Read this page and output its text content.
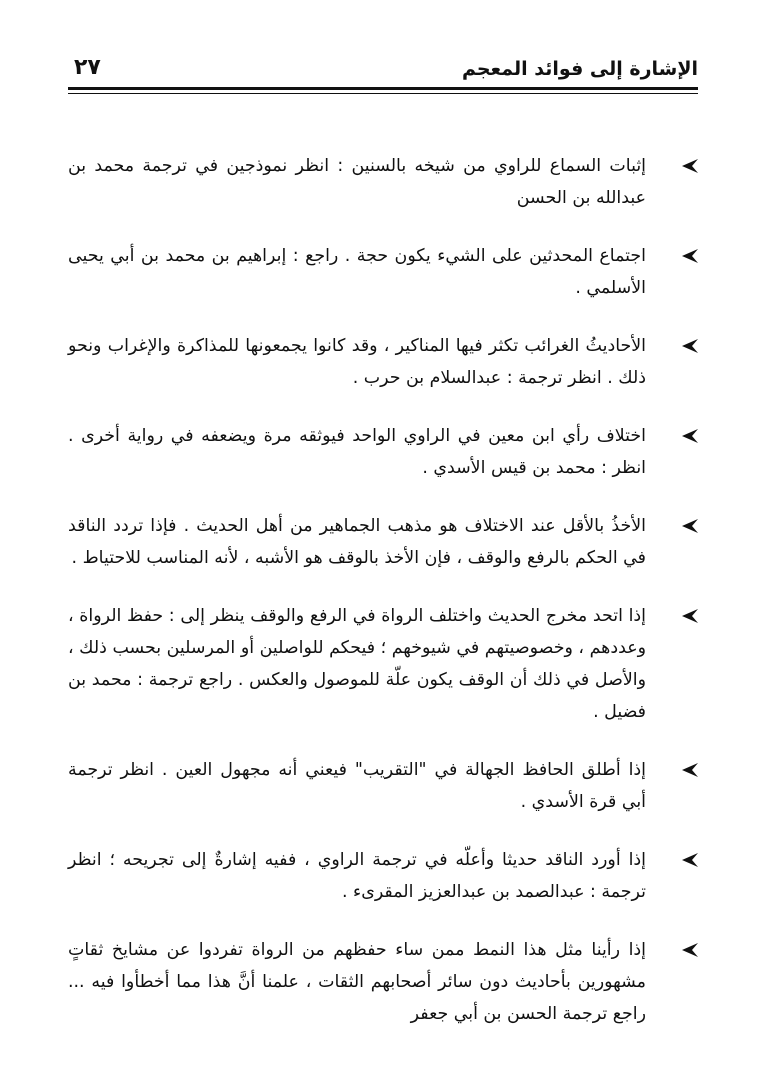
الإشارة إلى فوائد المعجم
٢٧
إثبات السماع للراوي من شيخه بالسنين : انظر نموذجين في ترجمة محمد بن عبدالله بن الحسن
اجتماع المحدثين على الشيء يكون حجة . راجع : إبراهيم بن محمد بن أبي يحيى الأسلمي .
الأحاديثُ الغرائب تكثر فيها المناكير ، وقد كانوا يجمعونها للمذاكرة والإغراب ونحو ذلك . انظر ترجمة : عبدالسلام بن حرب .
اختلاف رأي ابن معين في الراوي الواحد فيوثقه مرة ويضعفه في رواية أخرى . انظر : محمد بن قيس الأسدي .
الأخذُ بالأقل عند الاختلاف هو مذهب الجماهير من أهل الحديث . فإذا تردد الناقد في الحكم بالرفع والوقف ، فإن الأخذ بالوقف هو الأشبه ، لأنه المناسب للاحتياط .
إذا اتحد مخرج الحديث واختلف الرواة في الرفع والوقف ينظر إلى : حفظ الرواة ، وعددهم ، وخصوصيتهم في شيوخهم ؛ فيحكم للواصلين أو المرسلين بحسب ذلك ، والأصل في ذلك أن الوقف يكون علّة للموصول والعكس . راجع ترجمة : محمد بن فضيل .
إذا أطلق الحافظ الجهالة في "التقريب" فيعني أنه مجهول العين . انظر ترجمة أبي قرة الأسدي .
إذا أورد الناقد حديثا وأعلّه في ترجمة الراوي ، ففيه إشارةٌ إلى تجريحه ؛ انظر ترجمة : عبدالصمد بن عبدالعزيز المقرىء .
إذا رأينا مثل هذا النمط ممن ساء حفظهم من الرواة تفردوا عن مشايخ ثقاتٍ مشهورين بأحاديث دون سائر أصحابهم الثقات ، علمنا أنَّ هذا مما أخطأوا فيه ... راجع ترجمة الحسن بن أبي جعفر
